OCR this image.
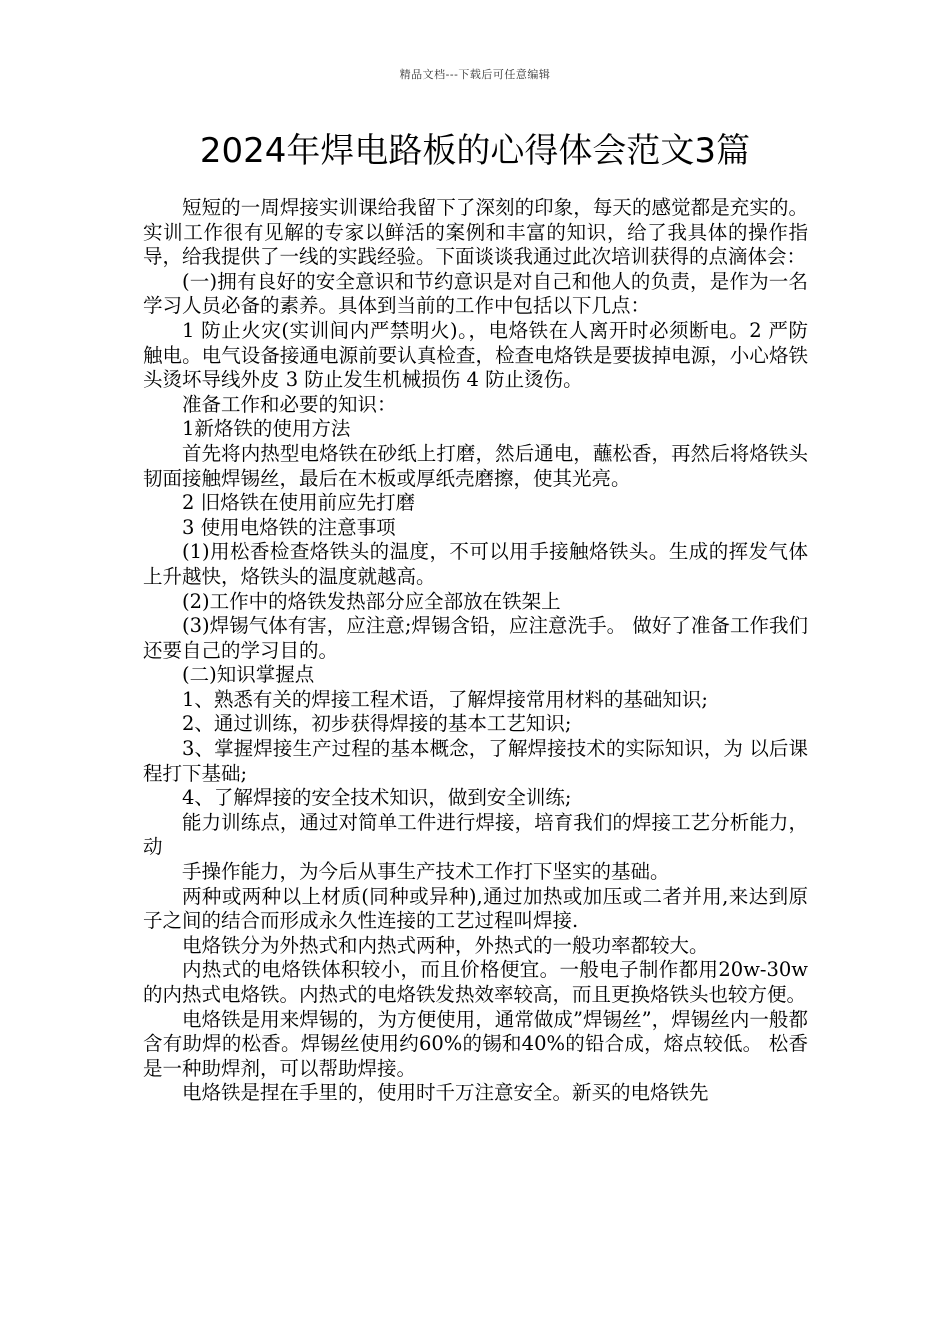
精品文档---下载后可任意编辑
2024年焊电路板的心得体会范文3篇

短短的一周焊接实训课给我留下了深刻的印象，每天的感觉都是充实的。实训工作很有见解的专家以鲜活的案例和丰富的知识，给了我具体的操作指导，给我提供了一线的实践经验。下面谈谈我通过此次培训获得的点滴体会：

(一)拥有良好的安全意识和节约意识是对自己和他人的负责，是作为一名学习人员必备的素养。具体到当前的工作中包括以下几点：

1 防止火灾(实训间内严禁明火)。，电烙铁在人离开时必须断电。2 严防触电。电气设备接通电源前要认真检查，检查电烙铁是要拔掉电源，小心烙铁头烫坏导线外皮 3 防止发生机械损伤 4 防止烫伤。

准备工作和必要的知识：

1新烙铁的使用方法

首先将内热型电烙铁在砂纸上打磨，然后通电，蘸松香，再然后将烙铁头韧面接触焊锡丝，最后在木板或厚纸壳磨擦，使其光亮。

2 旧烙铁在使用前应先打磨

3 使用电烙铁的注意事项

(1)用松香检查烙铁头的温度，不可以用手接触烙铁头。生成的挥发气体上升越快，烙铁头的温度就越高。

(2)工作中的烙铁发热部分应全部放在铁架上

(3)焊锡气体有害，应注意;焊锡含铅，应注意洗手。 做好了准备工作我们还要自己的学习目的。

(二)知识掌握点

1、熟悉有关的焊接工程术语，了解焊接常用材料的基础知识;

2、通过训练，初步获得焊接的基本工艺知识;

3、掌握焊接生产过程的基本概念，了解焊接技术的实际知识，为 以后课程打下基础;

4、了解焊接的安全技术知识，做到安全训练;

能力训练点，通过对简单工件进行焊接，培育我们的焊接工艺分析能力，动

手操作能力，为今后从事生产技术工作打下坚实的基础。

两种或两种以上材质(同种或异种),通过加热或加压或二者并用,来达到原子之间的结合而形成永久性连接的工艺过程叫焊接.

电烙铁分为外热式和内热式两种，外热式的一般功率都较大。

内热式的电烙铁体积较小，而且价格便宜。一般电子制作都用20w-30w的内热式电烙铁。内热式的电烙铁发热效率较高，而且更换烙铁头也较方便。

电烙铁是用来焊锡的，为方便使用，通常做成”焊锡丝”，焊锡丝内一般都含有助焊的松香。焊锡丝使用约60%的锡和40%的铅合成，熔点较低。 松香是一种助焊剂，可以帮助焊接。

电烙铁是捏在手里的，使用时千万注意安全。新买的电烙铁先
